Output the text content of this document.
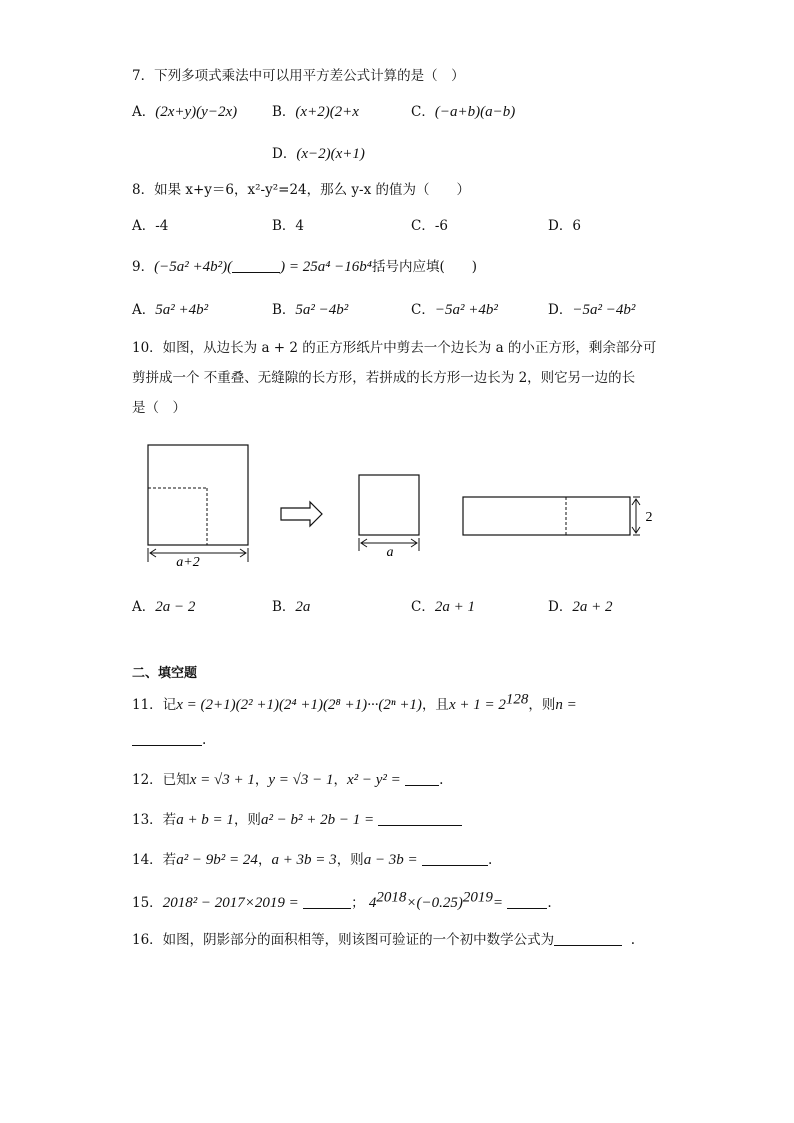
7．下列多项式乘法中可以用平方差公式计算的是（　）
A．(2x+y)(y−2x)	B．(x+2)(2+x	C．(−a+b)(a−b)
D．(x−2)(x+1)
8．如果 x+y＝6，x²-y²=24，那么 y-x 的值为（　　）
A．-4	B．4	C．-6	D．6
9．(−5a² +4b²)(	) = 25a⁴ −16b⁴括号内应填(　　)
A．5a² +4b²	B．5a² −4b²	C．−5a² +4b²	D．−5a² −4b²
10．如图，从边长为 a + 2 的正方形纸片中剪去一个边长为 a 的小正方形，剩余部分可
剪拼成一个 不重叠、无缝隙的长方形，若拼成的长方形一边长为 2，则它另一边的长
是（　）
a+2
a
2
A．2a − 2	B．2a	C．2a + 1	D．2a + 2
二、填空题
11．记x = (2+1)(2² +1)(2⁴ +1)(2⁸ +1)···(2ⁿ +1)，且$x + 1 = 2^{128}$，则n =
.
12．已知x = √3 + 1，y = √3 − 1，x² − y² =	.
13．若a + b = 1，则a² − b² + 2b − 1 =
14．若a² − 9b² = 24，a + 3b = 3，则a − 3b =	.
15．2018² − 2017×2019 =	； $4^{2018}\times(-0.25)^{2019}=$	.
16．如图，阴影部分的面积相等，则该图可验证的一个初中数学公式为	.
